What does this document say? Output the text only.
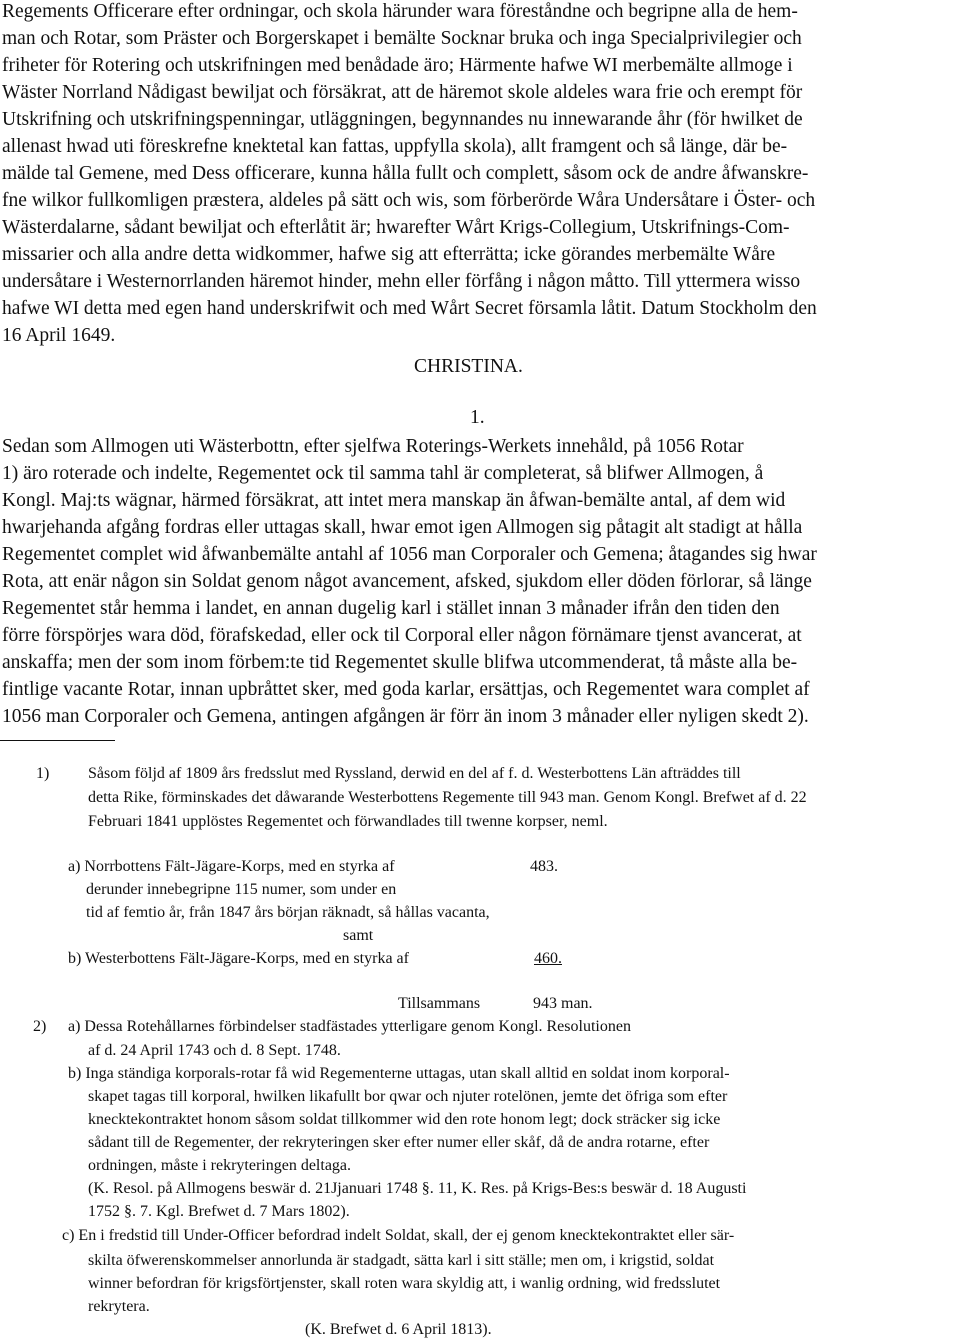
Regements Officerare efter ordningar, och skola härunder wara föreståndne och begripne alla de hem-
man och Rotar, som Präster och Borgerskapet i bemälte Socknar bruka och inga Specialprivilegier och
friheter för Rotering och utskrifningen med benådade äro; Härmente hafwe WI merbemälte allmoge i
Wäster Norrland Nådigast bewiljat och försäkrat, att de häremot skole aldeles wara frie och erempt för
Utskrifning och utskrifningspenningar, utläggningen, begynnandes nu innewarande åhr (för hwilket de
allenast hwad uti föreskrefne knektetal kan fattas, uppfylla skola), allt framgent och så länge, där be-
mälde tal Gemene, med Dess officerare, kunna hålla fullt och complett, såsom ock de andre åfwanskre-
fne wilkor fullkomligen præstera, aldeles på sätt och wis, som förberörde Wåra Undersåtare i Öster- och
Wästerdalarne, sådant bewiljat och efterlåtit är; hwarefter Wårt Krigs-Collegium, Utskrifnings-Com-
missarier och alla andre detta widkommer, hafwe sig att efterrätta; icke görandes merbemälte Wåre
undersåtare i Westernorrlanden häremot hinder, mehn eller förfång i någon måtto. Till yttermera wisso
hafwe WI detta med egen hand underskrifwit och med Wårt Secret församla låtit. Datum Stockholm den
16 April 1649.
CHRISTINA.
1.
Sedan som Allmogen uti Wästerbottn, efter sjelfwa Roterings-Werkets innehåld, på 1056 Rotar
1) äro roterade och indelte, Regementet ock til samma tahl är completerat, så blifwer Allmogen, å
Kongl. Maj:ts wägnar, härmed försäkrat, att intet mera manskap än åfwan-bemälte antal, af dem wid
hwarjehanda afgång fordras eller uttagas skall, hwar emot igen Allmogen sig påtagit alt stadigt at hålla
Regementet complet wid åfwanbemälte antahl af 1056 man Corporaler och Gemena; åtagandes sig hwar
Rota, att enär någon sin Soldat genom något avancement, afsked, sjukdom eller döden förlorar, så länge
Regementet står hemma i landet, en annan dugelig karl i stället innan 3 månader ifrån den tiden den
förre förspörjes wara död, förafskedad, eller ock til Corporal eller någon förnämare tjenst avancerat, at
anskaffa; men der som inom förbem:te tid Regementet skulle blifwa utcommenderat, tå måste alla be-
fintlige vacante Rotar, innan upbråttet sker, med goda karlar, ersättjas, och Regementet wara complet af
1056 man Corporaler och Gemena, antingen afgången är förr än inom 3 månader eller nyligen skedt 2).
1) Såsom följd af 1809 års fredsslut med Ryssland, derwid en del af f. d. Westerbottens Län afträddes till
detta Rike, förminskades det dåwarande Westerbottens Regemente till 943 man. Genom Kongl. Brefwet af d. 22
Februari 1841 upplöstes Regementet och förwandlades till twenne korpser, neml.
a) Norrbottens Fält-Jägare-Korps, med en styrka af	483.
derunder innebegripne 115 numer, som under en
tid af femtio år, från 1847 års början räknadt, så hållas vacanta,
samt
b) Westerbottens Fält-Jägare-Korps, med en styrka af	460.
Tillsammans	943 man.
2) a) Dessa Rotehållarnes förbindelser stadfästades ytterligare genom Kongl. Resolutionen
af d. 24 April 1743 och d. 8 Sept. 1748.
b) Inga ständiga korporals-rotar få wid Regementerne uttagas, utan skall alltid en soldat inom korporal-
skapet tagas till korporal, hwilken likafullt bor qwar och njuter rotelönen, jemte det öfriga som efter
knecktekontraktet honom såsom soldat tillkommer wid den rote honom legt; dock sträcker sig icke
sådant till de Regementer, der rekryteringen sker efter numer eller skåf, då de andra rotarne, efter
ordningen, måste i rekryteringen deltaga.
(K. Resol. på Allmogens beswär d. 21Jjanuari 1748 §. 11, K. Res. på Krigs-Bes:s beswär d. 18 Augusti
1752 §. 7. Kgl. Brefwet d. 7 Mars 1802).
c) En i fredstid till Under-Officer befordrad indelt Soldat, skall, der ej genom knecktekontraktet eller sär-
skilta öfwerenskommelser annorlunda är stadgadt, sätta karl i sitt ställe; men om, i krigstid, soldat
winner befordran för krigsförtjenster, skall roten wara skyldig att, i wanlig ordning, wid fredsslutet
rekrytera.
(K. Brefwet d. 6 April 1813).
